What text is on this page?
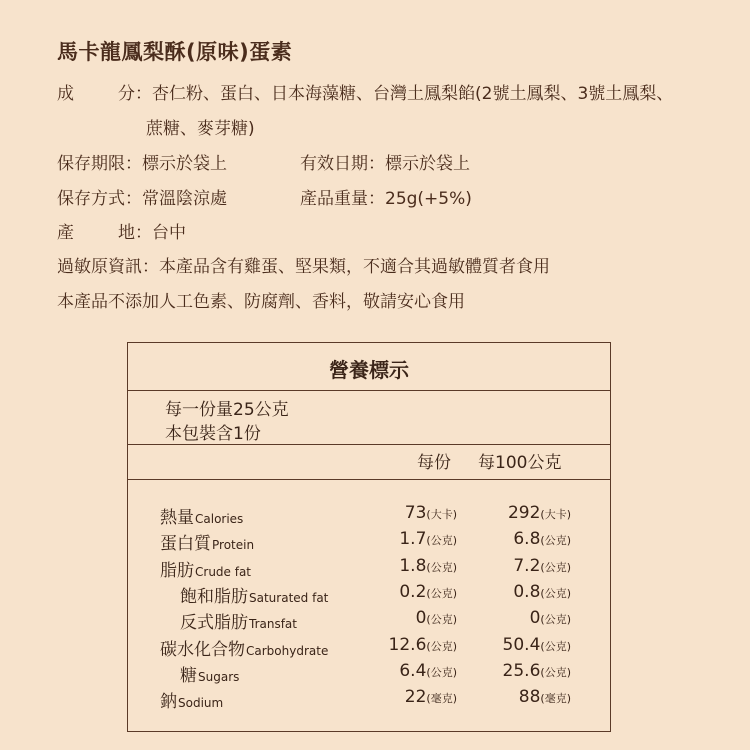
馬卡龍鳳梨酥(原味)蛋素
成　　分：杏仁粉、蛋白、日本海藻糖、台灣土鳳梨餡(2號土鳳梨、3號土鳳梨、
蔗糖、麥芽糖)
保存期限：標示於袋上	有效日期：標示於袋上
保存方式：常溫陰涼處	產品重量：25g(+5%)
產　　地：台中
過敏原資訊：本產品含有雞蛋、堅果類，不適合其過敏體質者食用
本產品不添加人工色素、防腐劑、香料，敬請安心食用
營養標示
每一份量25公克
本包裝含1份
每份 每100公克
熱量Calories	73(大卡)	292(大卡)
蛋白質Protein	1.7(公克)	6.8(公克)
脂肪Crude fat	1.8(公克)	7.2(公克)
飽和脂肪Saturated fat	0.2(公克)	0.8(公克)
反式脂肪Transfat	0(公克)	0(公克)
碳水化合物Carbohydrate	12.6(公克)	50.4(公克)
糖Sugars	6.4(公克)	25.6(公克)
鈉Sodium	22(毫克)	88(毫克)
